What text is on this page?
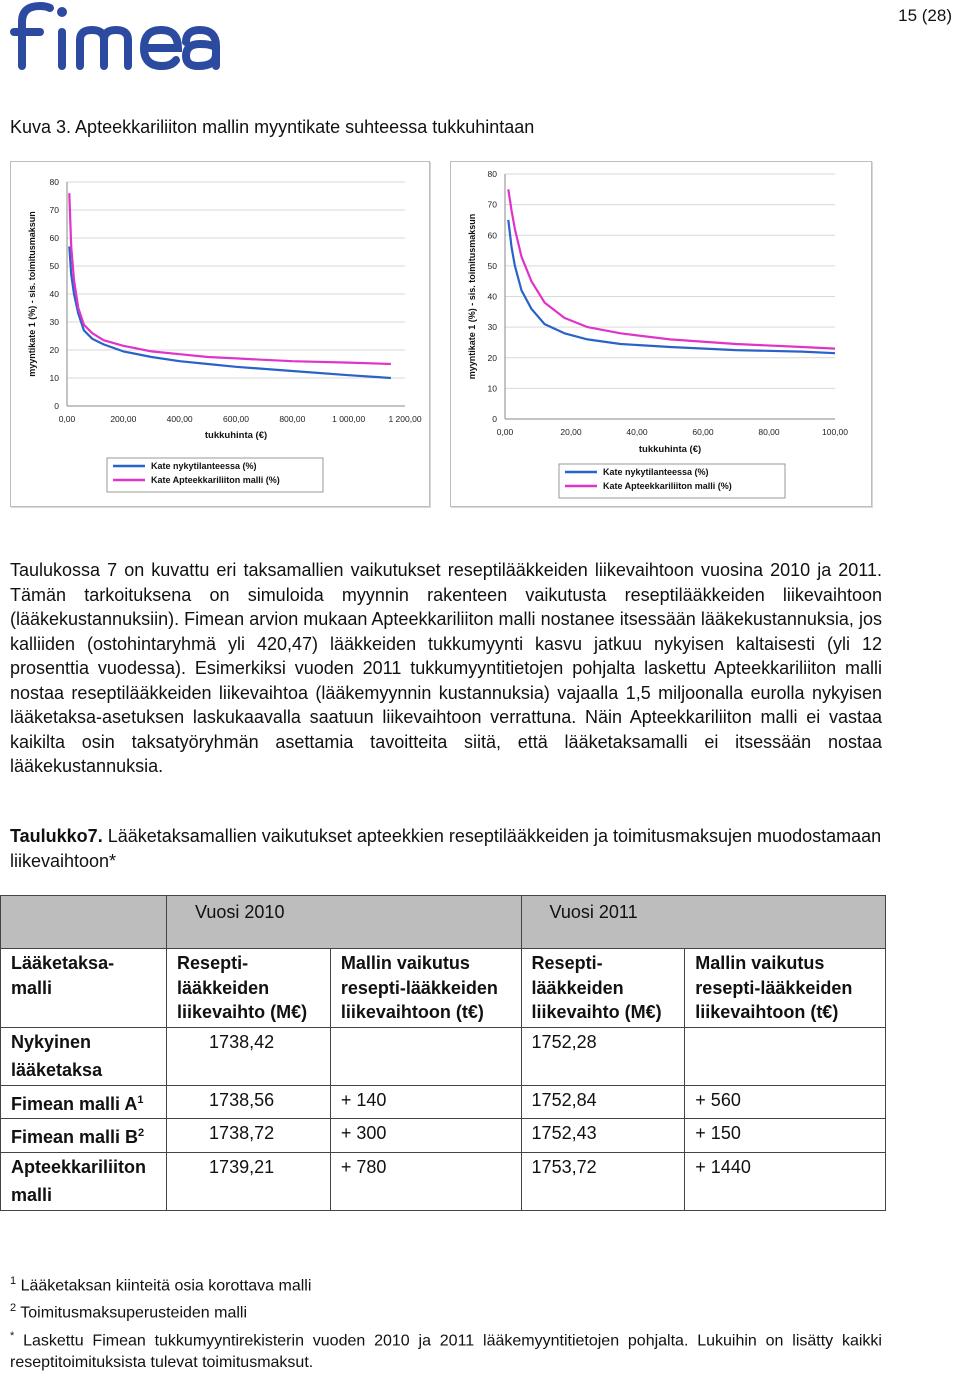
15 (28)
Kuva 3. Apteekkariliiton mallin myyntikate suhteessa tukkuhintaan
0
10
20
30
40
50
60
70
80
0,00	200,00	400,00	600,00	800,00	1 000,00	1 200,00
tukkuhinta (€)
myyntikate 1 (%) - sis. toimitusmaksun
Kate nykytilanteessa (%)
Kate Apteekkariliiton malli (%)
0
10
20
30
40
50
60
70
80
0,00	20,00	40,00	60,00	80,00	100,00
tukkuhinta (€)
myyntikate 1 (%) - sis. toimitusmaksun
Kate nykytilanteessa (%)
Kate Apteekkariliiton malli (%)

Taulukossa 7 on kuvattu eri taksamallien vaikutukset reseptilääkkeiden liikevaihtoon vuosina 2010 ja 2011. Tämän tarkoituksena on simuloida myynnin rakenteen vaikutusta reseptilääkkeiden liikevaihtoon (lääkekustannuksiin). Fimean arvion mukaan Apteekkariliiton malli nostanee itsessään lääkekustannuksia, jos kalliiden (ostohintaryhmä yli 420,47) lääkkeiden tukkumyynti kasvu jatkuu nykyisen kaltaisesti (yli 12 prosenttia vuodessa). Esimerkiksi vuoden 2011 tukkumyyntitietojen pohjalta laskettu Apteekkariliiton malli nostaa reseptilääkkeiden liikevaihtoa (lääkemyynnin kustannuksia) vajaalla 1,5 miljoonalla eurolla nykyisen lääketaksa-asetuksen laskukaavalla saatuun liikevaihtoon verrattuna. Näin Apteekkariliiton malli ei vastaa kaikilta osin taksatyöryhmän asettamia tavoitteita siitä, että lääketaksamalli ei itsessään nostaa lääkekustannuksia.

Taulukko7. Lääketaksamallien vaikutukset apteekkien reseptilääkkeiden ja toimitusmaksujen muodostamaan liikevaihtoon*

	Vuosi 2010		Vuosi 2011	
Lääketaksa-malli	Resepti-lääkkeiden liikevaihto (M€)	Mallin vaikutus resepti-lääkkeiden liikevaihtoon (t€)	Resepti-lääkkeiden liikevaihto (M€)	Mallin vaikutus resepti-lääkkeiden liikevaihtoon (t€)
Nykyinen lääketaksa	1738,42		1752,28	
Fimean malli $A^1$	1738,56	+ 140	1752,84	+ 560
Fimean malli $B^2$	1738,72	+ 300	1752,43	+ 150
Apteekkariliiton malli	1739,21	+ 780	1753,72	+ 1440

$^1$ Lääketaksan kiinteitä osia korottava malli

$^2$ Toimitusmaksuperusteiden malli

* Laskettu Fimean tukkumyyntirekisterin vuoden 2010 ja 2011 lääkemyyntitietojen pohjalta. Lukuihin on lisätty kaikki reseptitoimituksista tulevat toimitusmaksut.
